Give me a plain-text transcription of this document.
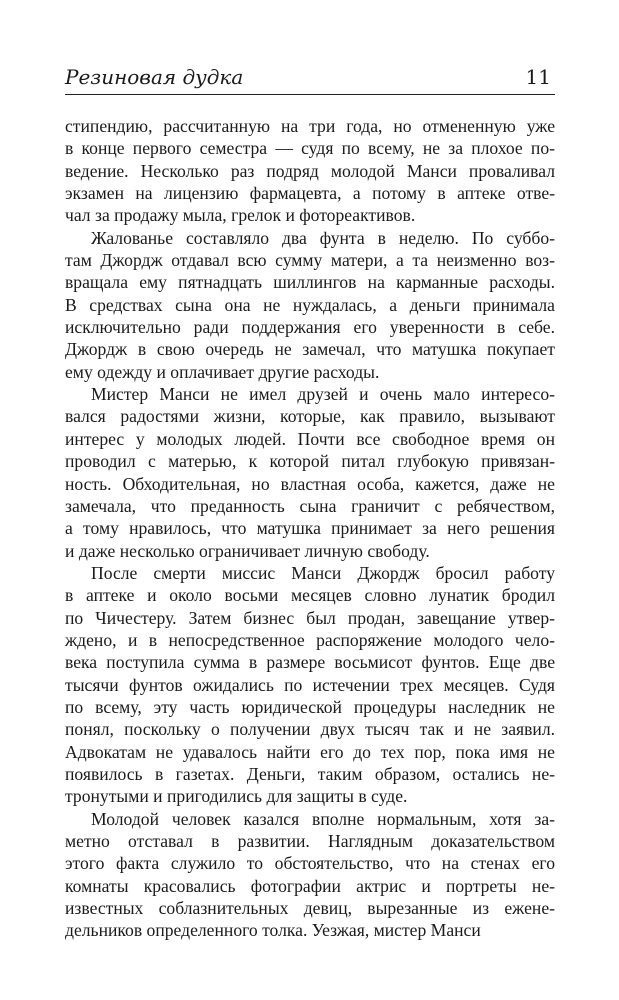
Резиновая дудка	11

стипендию, рассчитанную на три года, но отмененную уже
в конце первого семестра — судя по всему, не за плохое по-
ведение. Несколько раз подряд молодой Манси проваливал
экзамен на лицензию фармацевта, а потому в аптеке отве-
чал за продажу мыла, грелок и фотореактивов.

Жалованье составляло два фунта в неделю. По суббо-
там Джордж отдавал всю сумму матери, а та неизменно воз-
вращала ему пятнадцать шиллингов на карманные расходы.
В средствах сына она не нуждалась, а деньги принимала
исключительно ради поддержания его уверенности в себе.
Джордж в свою очередь не замечал, что матушка покупает
ему одежду и оплачивает другие расходы.

Мистер Манси не имел друзей и очень мало интересо-
вался радостями жизни, которые, как правило, вызывают
интерес у молодых людей. Почти все свободное время он
проводил с матерью, к которой питал глубокую привязан-
ность. Обходительная, но властная особа, кажется, даже не
замечала, что преданность сына граничит с ребячеством,
а тому нравилось, что матушка принимает за него решения
и даже несколько ограничивает личную свободу.

После смерти миссис Манси Джордж бросил работу
в аптеке и около восьми месяцев словно лунатик бродил
по Чичестеру. Затем бизнес был продан, завещание утвер-
ждено, и в непосредственное распоряжение молодого чело-
века поступила сумма в размере восьмисот фунтов. Еще две
тысячи фунтов ожидались по истечении трех месяцев. Судя
по всему, эту часть юридической процедуры наследник не
понял, поскольку о получении двух тысяч так и не заявил.
Адвокатам не удавалось найти его до тех пор, пока имя не
появилось в газетах. Деньги, таким образом, остались не-
тронутыми и пригодились для защиты в суде.

Молодой человек казался вполне нормальным, хотя за-
метно отставал в развитии. Наглядным доказательством
этого факта служило то обстоятельство, что на стенах его
комнаты красовались фотографии актрис и портреты не-
известных соблазнительных девиц, вырезанные из еженe-
дельников определенного толка. Уезжая, мистер Манси
